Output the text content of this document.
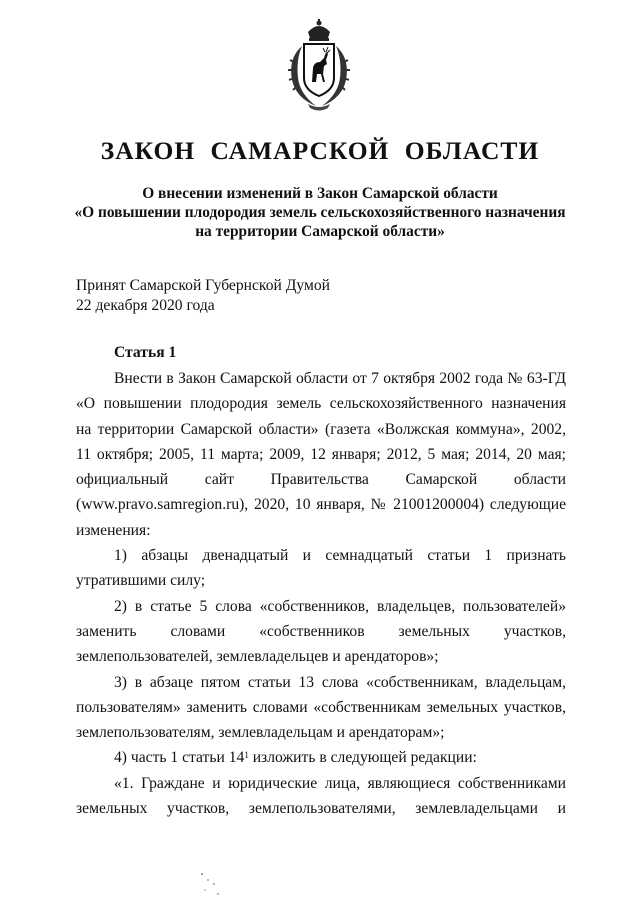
ЗАКОН САМАРСКОЙ ОБЛАСТИ
О внесении изменений в Закон Самарской области
«О повышении плодородия земель сельскохозяйственного назначения
на территории Самарской области»
Принят Самарской Губернской Думой
22 декабря 2020 года
Статья 1

Внести в Закон Самарской области от 7 октября 2002 года № 63-ГД

«О повышении плодородия земель сельскохозяйственного назначения

на территории Самарской области» (газета «Волжская коммуна», 2002,

11 октября; 2005, 11 марта; 2009, 12 января; 2012, 5 мая; 2014, 20 мая;

официальный сайт Правительства Самарской области

(www.pravo.samregion.ru), 2020, 10 января, № 21001200004) следующие

изменения:

1) абзацы двенадцатый и семнадцатый статьи 1 признать

утратившими силу;

2) в статье 5 слова «собственников, владельцев, пользователей»

заменить словами «собственников земельных участков,

землепользователей, землевладельцев и арендаторов»;

3) в абзаце пятом статьи 13 слова «собственникам, владельцам,

пользователям» заменить словами «собственникам земельных участков,

землепользователям, землевладельцам и арендаторам»;

4) часть 1 статьи $14^1$ изложить в следующей редакции:

«1. Граждане и юридические лица, являющиеся собственниками

земельных участков, землепользователями, землевладельцами и
